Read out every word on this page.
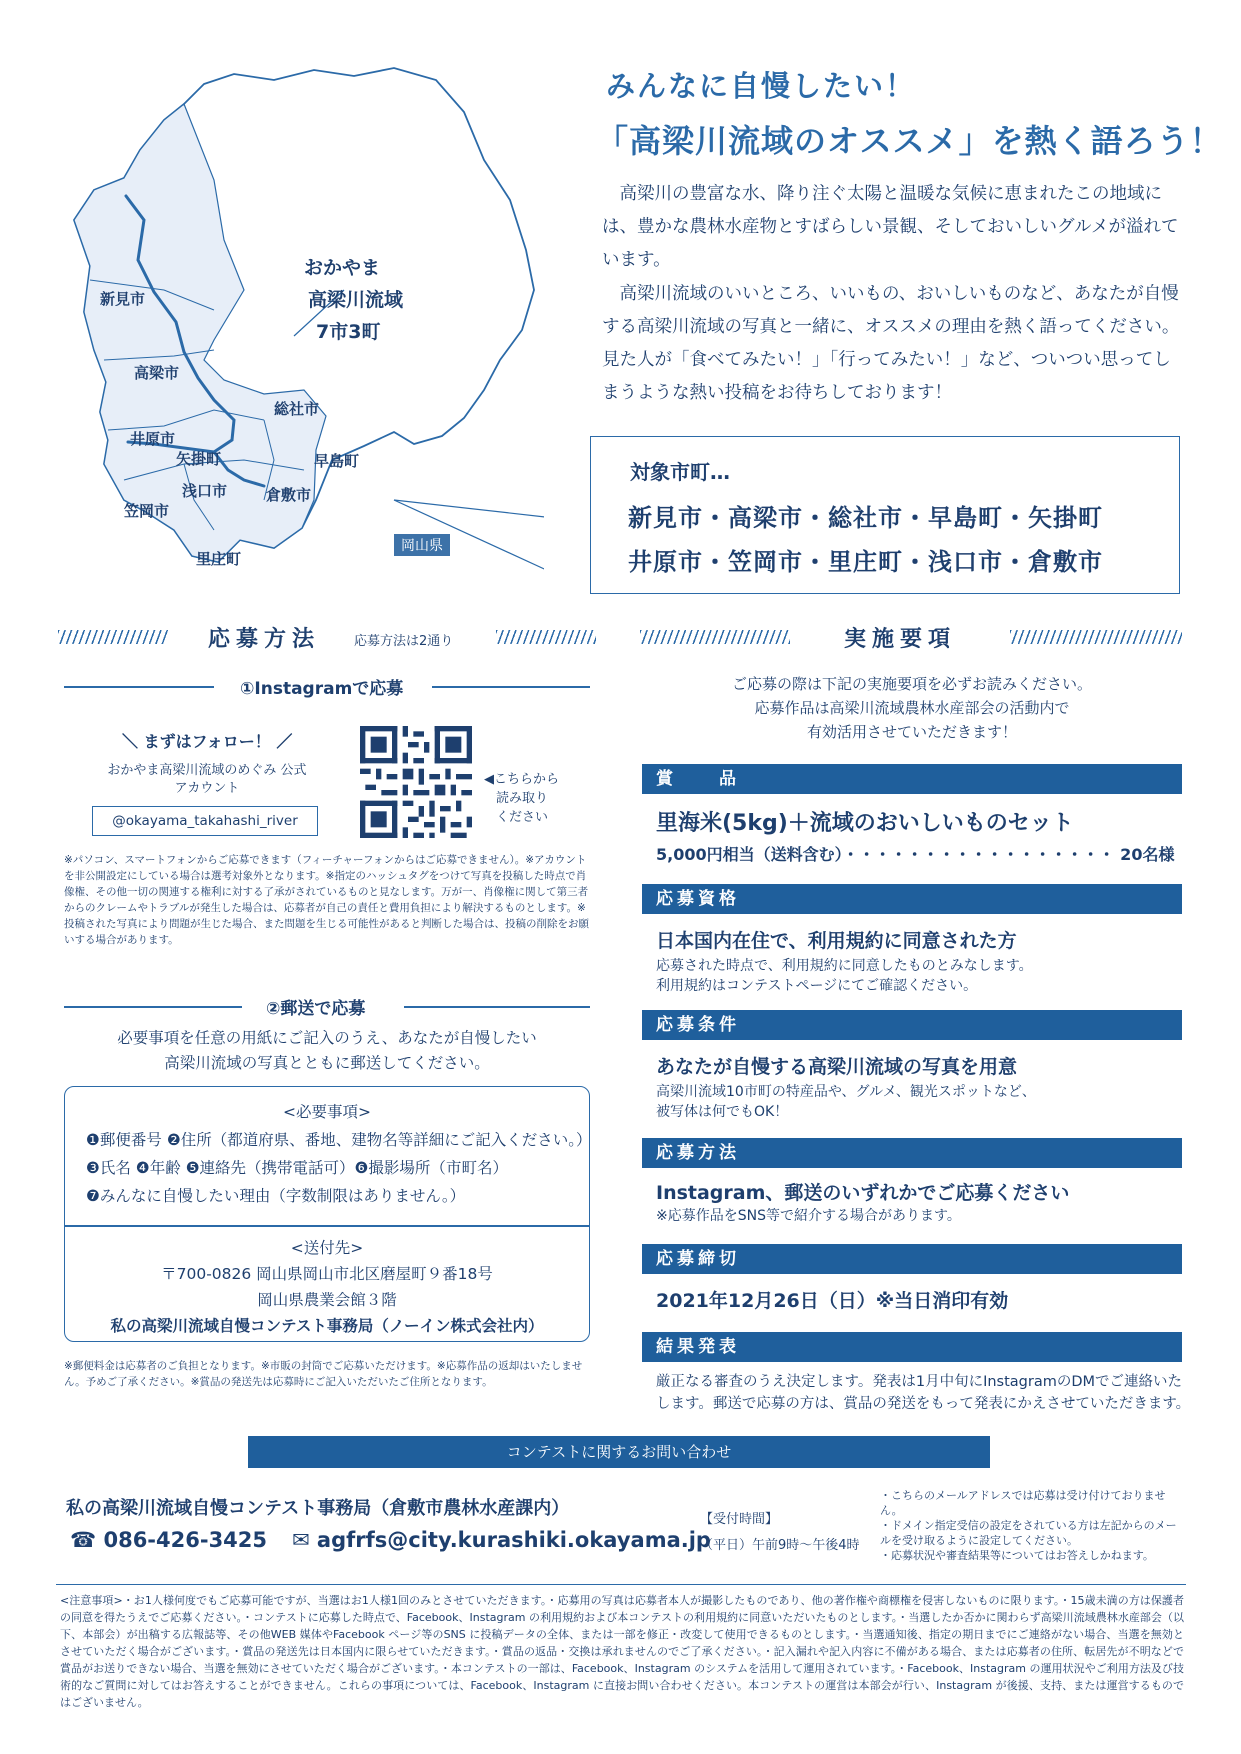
新見市
高梁市
総社市
井原市
矢掛町	早島町
浅口市	倉敷市
笠岡市
里庄町
おかやま
高梁川流域
7市3町
岡山県
みんなに自慢したい！
「高梁川流域のオススメ」を熱く語ろう！

　高梁川の豊富な水、降り注ぐ太陽と温暖な気候に恵まれたこの地域には、豊かな農林水産物とすばらしい景観、そしておいしいグルメが溢れています。

　高梁川流域のいいところ、いいもの、おいしいものなど、あなたが自慢する高梁川流域の写真と一緒に、オススメの理由を熱く語ってください。見た人が「食べてみたい！」「行ってみたい！」など、ついつい思ってしまうような熱い投稿をお待ちしております！

対象市町…
新見市・高梁市・総社市・早島町・矢掛町
井原市・笠岡市・里庄町・浅口市・倉敷市
応募方法	応募方法は2通り
①Instagramで応募
＼ まずはフォロー！ ／
おかやま高梁川流域のめぐみ 公式アカウント
@okayama_takahashi_river
◀こちらから
読み取り
ください

※パソコン、スマートフォンからご応募できます（フィーチャーフォンからはご応募できません）。※アカウントを非公開設定にしている場合は選考対象外となります。※指定のハッシュタグをつけて写真を投稿した時点で肖像権、その他一切の関連する権利に対する了承がされているものと見なします。万が一、肖像権に関して第三者からのクレームやトラブルが発生した場合は、応募者が自己の責任と費用負担により解決するものとします。※投稿された写真により問題が生じた場合、また問題を生じる可能性があると判断した場合は、投稿の削除をお願いする場合があります。

②郵送で応募
必要事項を任意の用紙にご記入のうえ、あなたが自慢したい
高梁川流域の写真とともに郵送してください。
<必要事項>
❶郵便番号 ❷住所（都道府県、番地、建物名等詳細にご記入ください。）
❸氏名 ❹年齢 ❺連絡先（携帯電話可）❻撮影場所（市町名）
❼みんなに自慢したい理由（字数制限はありません。）
<送付先>
〒700-0826 岡山県岡山市北区磨屋町９番18号
岡山県農業会館３階
私の高梁川流域自慢コンテスト事務局（ノーイン株式会社内）

※郵便料金は応募者のご負担となります。※市販の封筒でご応募いただけます。※応募作品の返却はいたしません。予めご了承ください。※賞品の発送先は応募時にご記入いただいたご住所となります。

実施要項
ご応募の際は下記の実施要項を必ずお読みください。
応募作品は高梁川流域農林水産部会の活動内で
有効活用させていただきます！
賞　　品
里海米(5kg)＋流域のおいしいものセット
5,000円相当（送料含む）・・・・・・・・・・・・・・・・・ 20名様
応募資格
日本国内在住で、利用規約に同意された方
応募された時点で、利用規約に同意したものとみなします。
利用規約はコンテストページにてご確認ください。
応募条件
あなたが自慢する高梁川流域の写真を用意
高梁川流域10市町の特産品や、グルメ、観光スポットなど、
被写体は何でもOK！
応募方法
Instagram、郵送のいずれかでご応募ください
※応募作品をSNS等で紹介する場合があります。
応募締切
2021年12月26日（日）※当日消印有効
結果発表
厳正なる審査のうえ決定します。発表は1月中旬にInstagramのDMでご連絡いた
します。郵送で応募の方は、賞品の発送をもって発表にかえさせていただきます。
コンテストに関するお問い合わせ
私の高梁川流域自慢コンテスト事務局（倉敷市農林水産課内）
☎ 086-426-3425 ✉ agfrfs@city.kurashiki.okayama.jp
【受付時間】
（平日）午前9時〜午後4時
・こちらのメールアドレスでは応募は受け付けておりません。
・ドメイン指定受信の設定をされている方は左記からのメールを受け取るように設定してください。
・応募状況や審査結果等についてはお答えしかねます。

<注意事項>・お1人様何度でもご応募可能ですが、当選はお1人様1回のみとさせていただきます。・応募用の写真は応募者本人が撮影したものであり、他の著作権や商標権を侵害しないものに限ります。・15歳未満の方は保護者の同意を得たうえでご応募ください。・コンテストに応募した時点で、Facebook、Instagram の利用規約および本コンテストの利用規約に同意いただいたものとします。・当選したか否かに関わらず高梁川流域農林水産部会（以下、本部会）が出稿する広報誌等、その他WEB 媒体やFacebook ページ等のSNS に投稿データの全体、または一部を修正・改変して使用できるものとします。・当選通知後、指定の期日までにご連絡がない場合、当選を無効とさせていただく場合がございます。・賞品の発送先は日本国内に限らせていただきます。・賞品の返品・交換は承れませんのでご了承ください。・記入漏れや記入内容に不備がある場合、または応募者の住所、転居先が不明などで賞品がお送りできない場合、当選を無効にさせていただく場合がございます。・本コンテストの一部は、Facebook、Instagram のシステムを活用して運用されています。・Facebook、Instagram の運用状況やご利用方法及び技術的なご質問に対してはお答えすることができません。これらの事項については、Facebook、Instagram に直接お問い合わせください。本コンテストの運営は本部会が行い、Instagram が後援、支持、または運営するものではございません。
